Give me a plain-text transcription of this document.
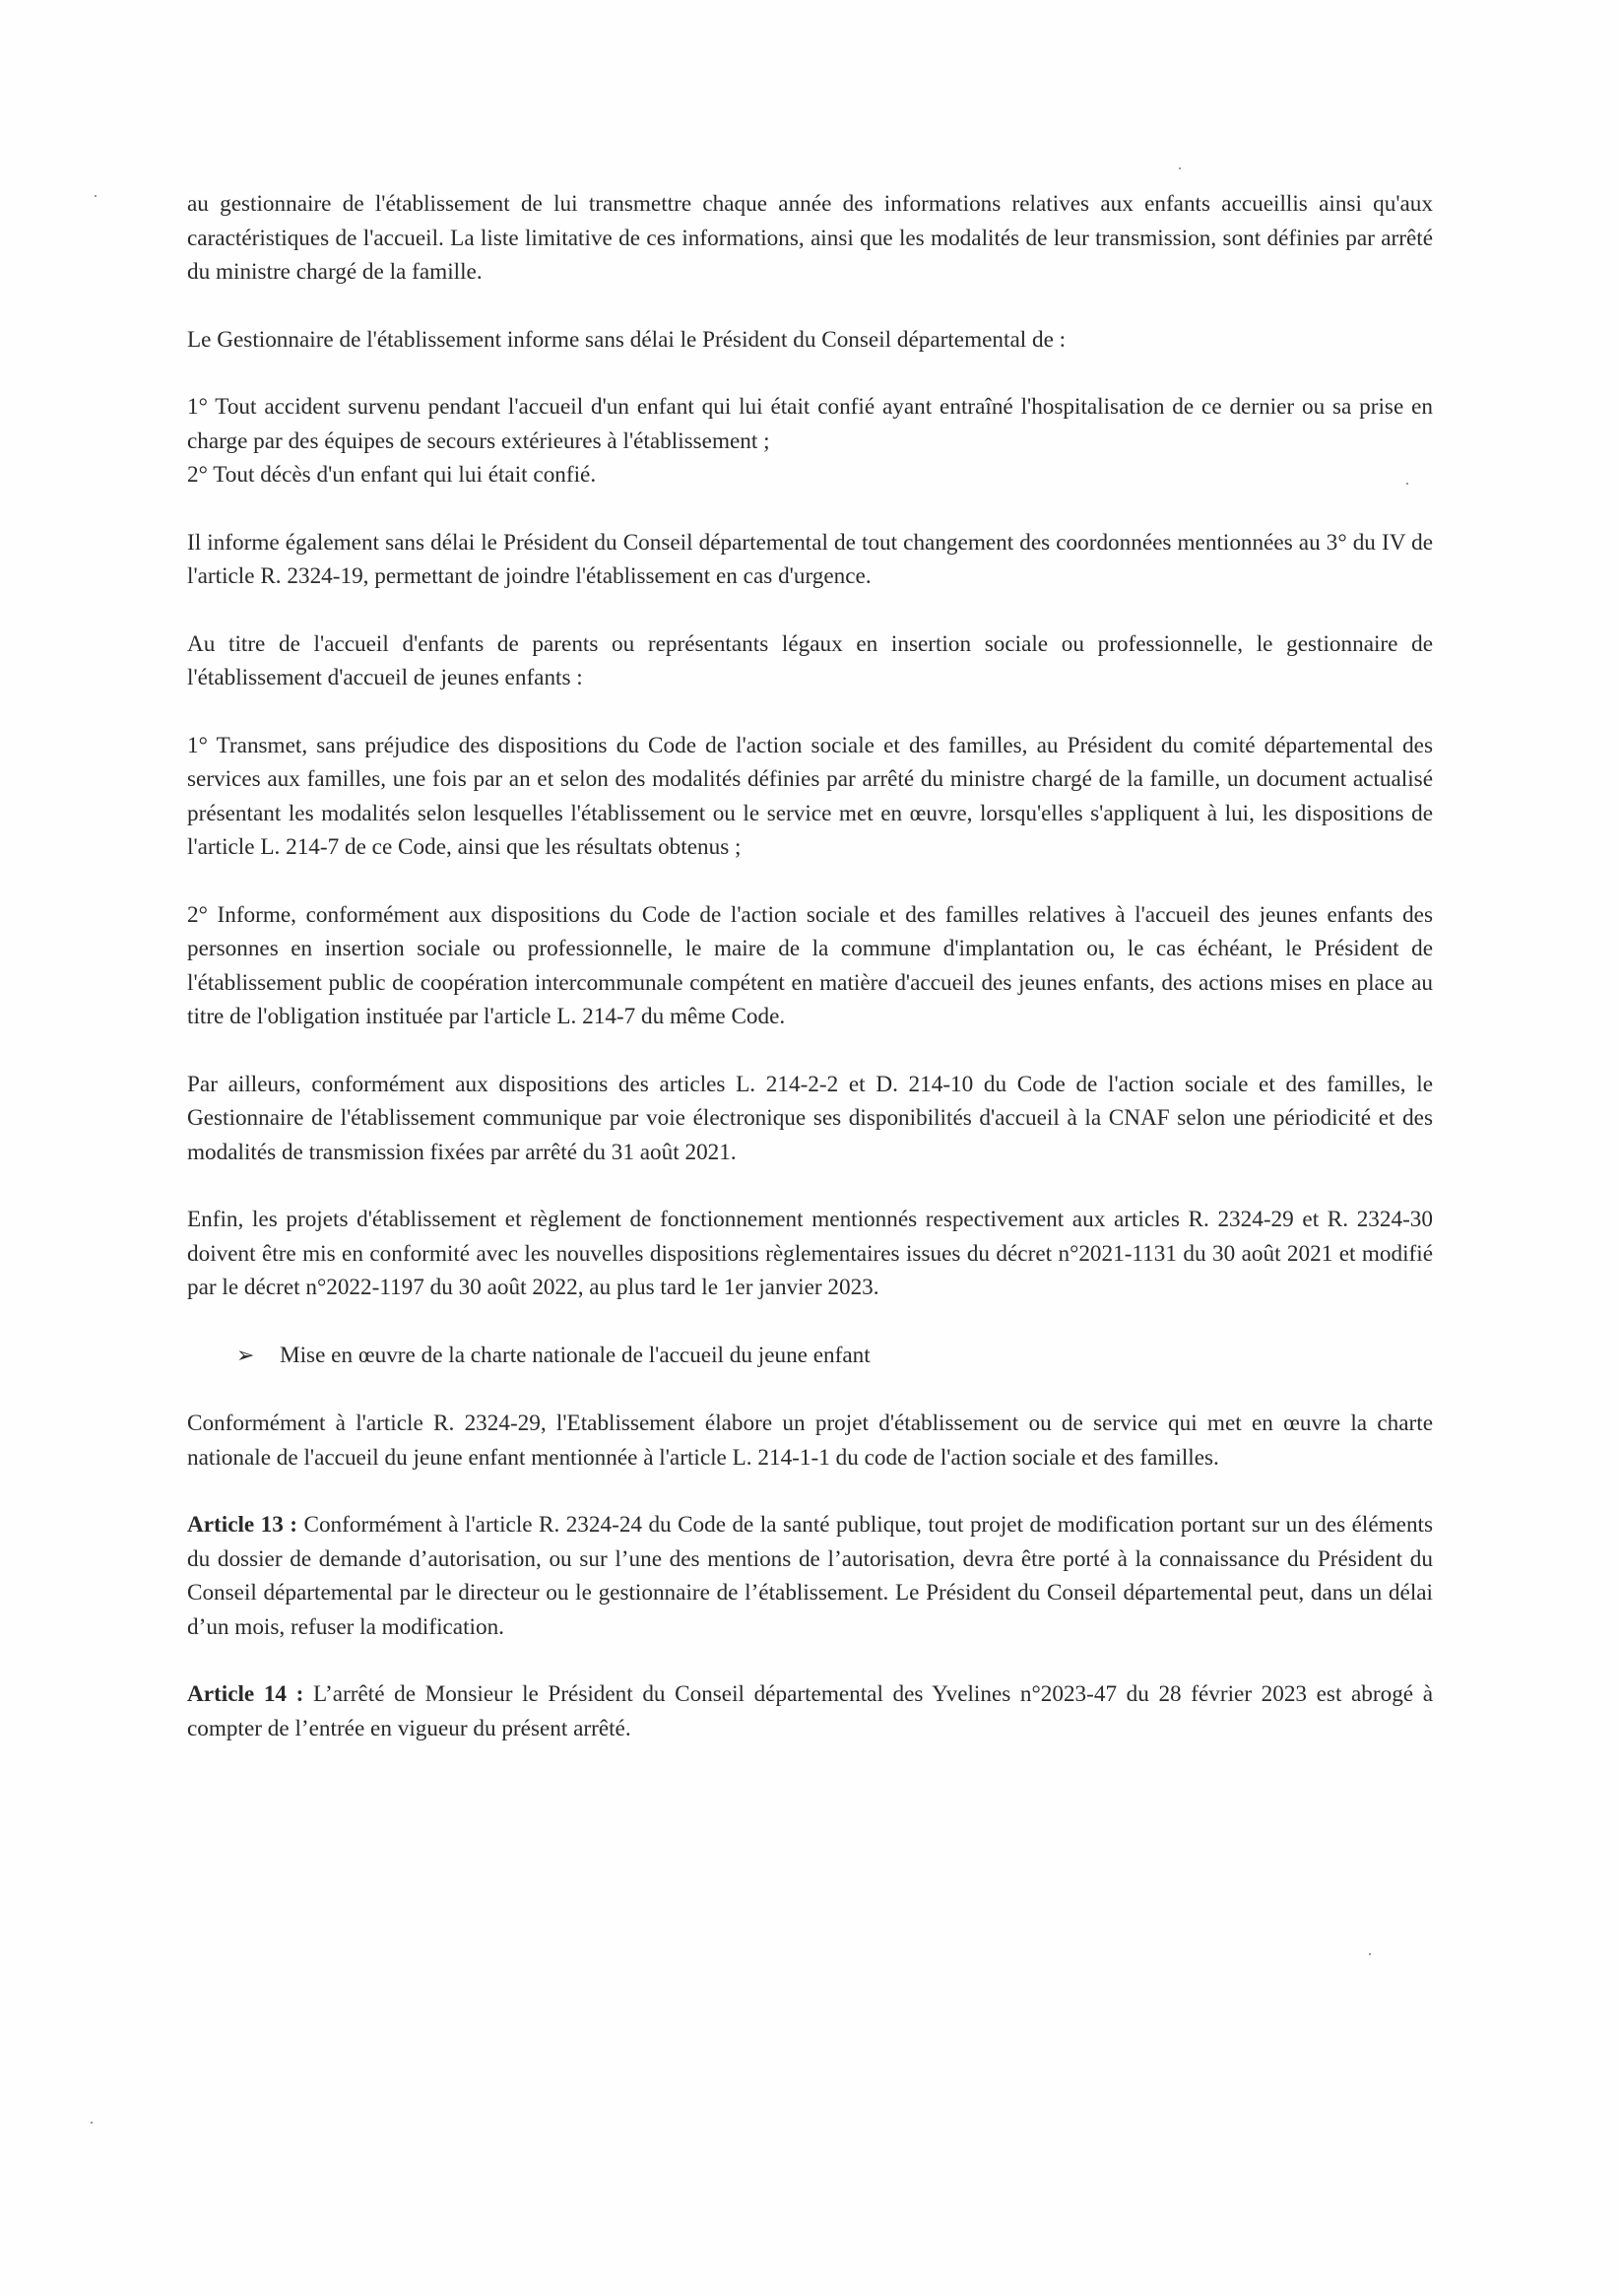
au gestionnaire de l'établissement de lui transmettre chaque année des informations relatives aux enfants accueillis ainsi qu'aux caractéristiques de l'accueil. La liste limitative de ces informations, ainsi que les modalités de leur transmission, sont définies par arrêté du ministre chargé de la famille.

Le Gestionnaire de l'établissement informe sans délai le Président du Conseil départemental de :

1° Tout accident survenu pendant l'accueil d'un enfant qui lui était confié ayant entraîné l'hospitalisation de ce dernier ou sa prise en charge par des équipes de secours extérieures à l'établissement ;

2° Tout décès d'un enfant qui lui était confié.

Il informe également sans délai le Président du Conseil départemental de tout changement des coordonnées mentionnées au 3° du IV de l'article R. 2324-19, permettant de joindre l'établissement en cas d'urgence.

Au titre de l'accueil d'enfants de parents ou représentants légaux en insertion sociale ou professionnelle, le gestionnaire de l'établissement d'accueil de jeunes enfants :

1° Transmet, sans préjudice des dispositions du Code de l'action sociale et des familles, au Président du comité départemental des services aux familles, une fois par an et selon des modalités définies par arrêté du ministre chargé de la famille, un document actualisé présentant les modalités selon lesquelles l'établissement ou le service met en œuvre, lorsqu'elles s'appliquent à lui, les dispositions de l'article L. 214-7 de ce Code, ainsi que les résultats obtenus ;

2° Informe, conformément aux dispositions du Code de l'action sociale et des familles relatives à l'accueil des jeunes enfants des personnes en insertion sociale ou professionnelle, le maire de la commune d'implantation ou, le cas échéant, le Président de l'établissement public de coopération intercommunale compétent en matière d'accueil des jeunes enfants, des actions mises en place au titre de l'obligation instituée par l'article L. 214-7 du même Code.

Par ailleurs, conformément aux dispositions des articles L. 214-2-2 et D. 214-10 du Code de l'action sociale et des familles, le Gestionnaire de l'établissement communique par voie électronique ses disponibilités d'accueil à la CNAF selon une périodicité et des modalités de transmission fixées par arrêté du 31 août 2021.

Enfin, les projets d'établissement et règlement de fonctionnement mentionnés respectivement aux articles R. 2324-29 et R. 2324-30 doivent être mis en conformité avec les nouvelles dispositions règlementaires issues du décret n°2021-1131 du 30 août 2021 et modifié par le décret n°2022-1197 du 30 août 2022, au plus tard le 1er janvier 2023.

➢	Mise en œuvre de la charte nationale de l'accueil du jeune enfant

Conformément à l'article R. 2324-29, l'Etablissement élabore un projet d'établissement ou de service qui met en œuvre la charte nationale de l'accueil du jeune enfant mentionnée à l'article L. 214-1-1 du code de l'action sociale et des familles.

Article 13 : Conformément à l'article R. 2324-24 du Code de la santé publique, tout projet de modification portant sur un des éléments du dossier de demande d’autorisation, ou sur l’une des mentions de l’autorisation, devra être porté à la connaissance du Président du Conseil départemental par le directeur ou le gestionnaire de l’établissement. Le Président du Conseil départemental peut, dans un délai d’un mois, refuser la modification.

Article 14 : L’arrêté de Monsieur le Président du Conseil départemental des Yvelines n°2023-47 du 28 février 2023 est abrogé à compter de l’entrée en vigueur du présent arrêté.
